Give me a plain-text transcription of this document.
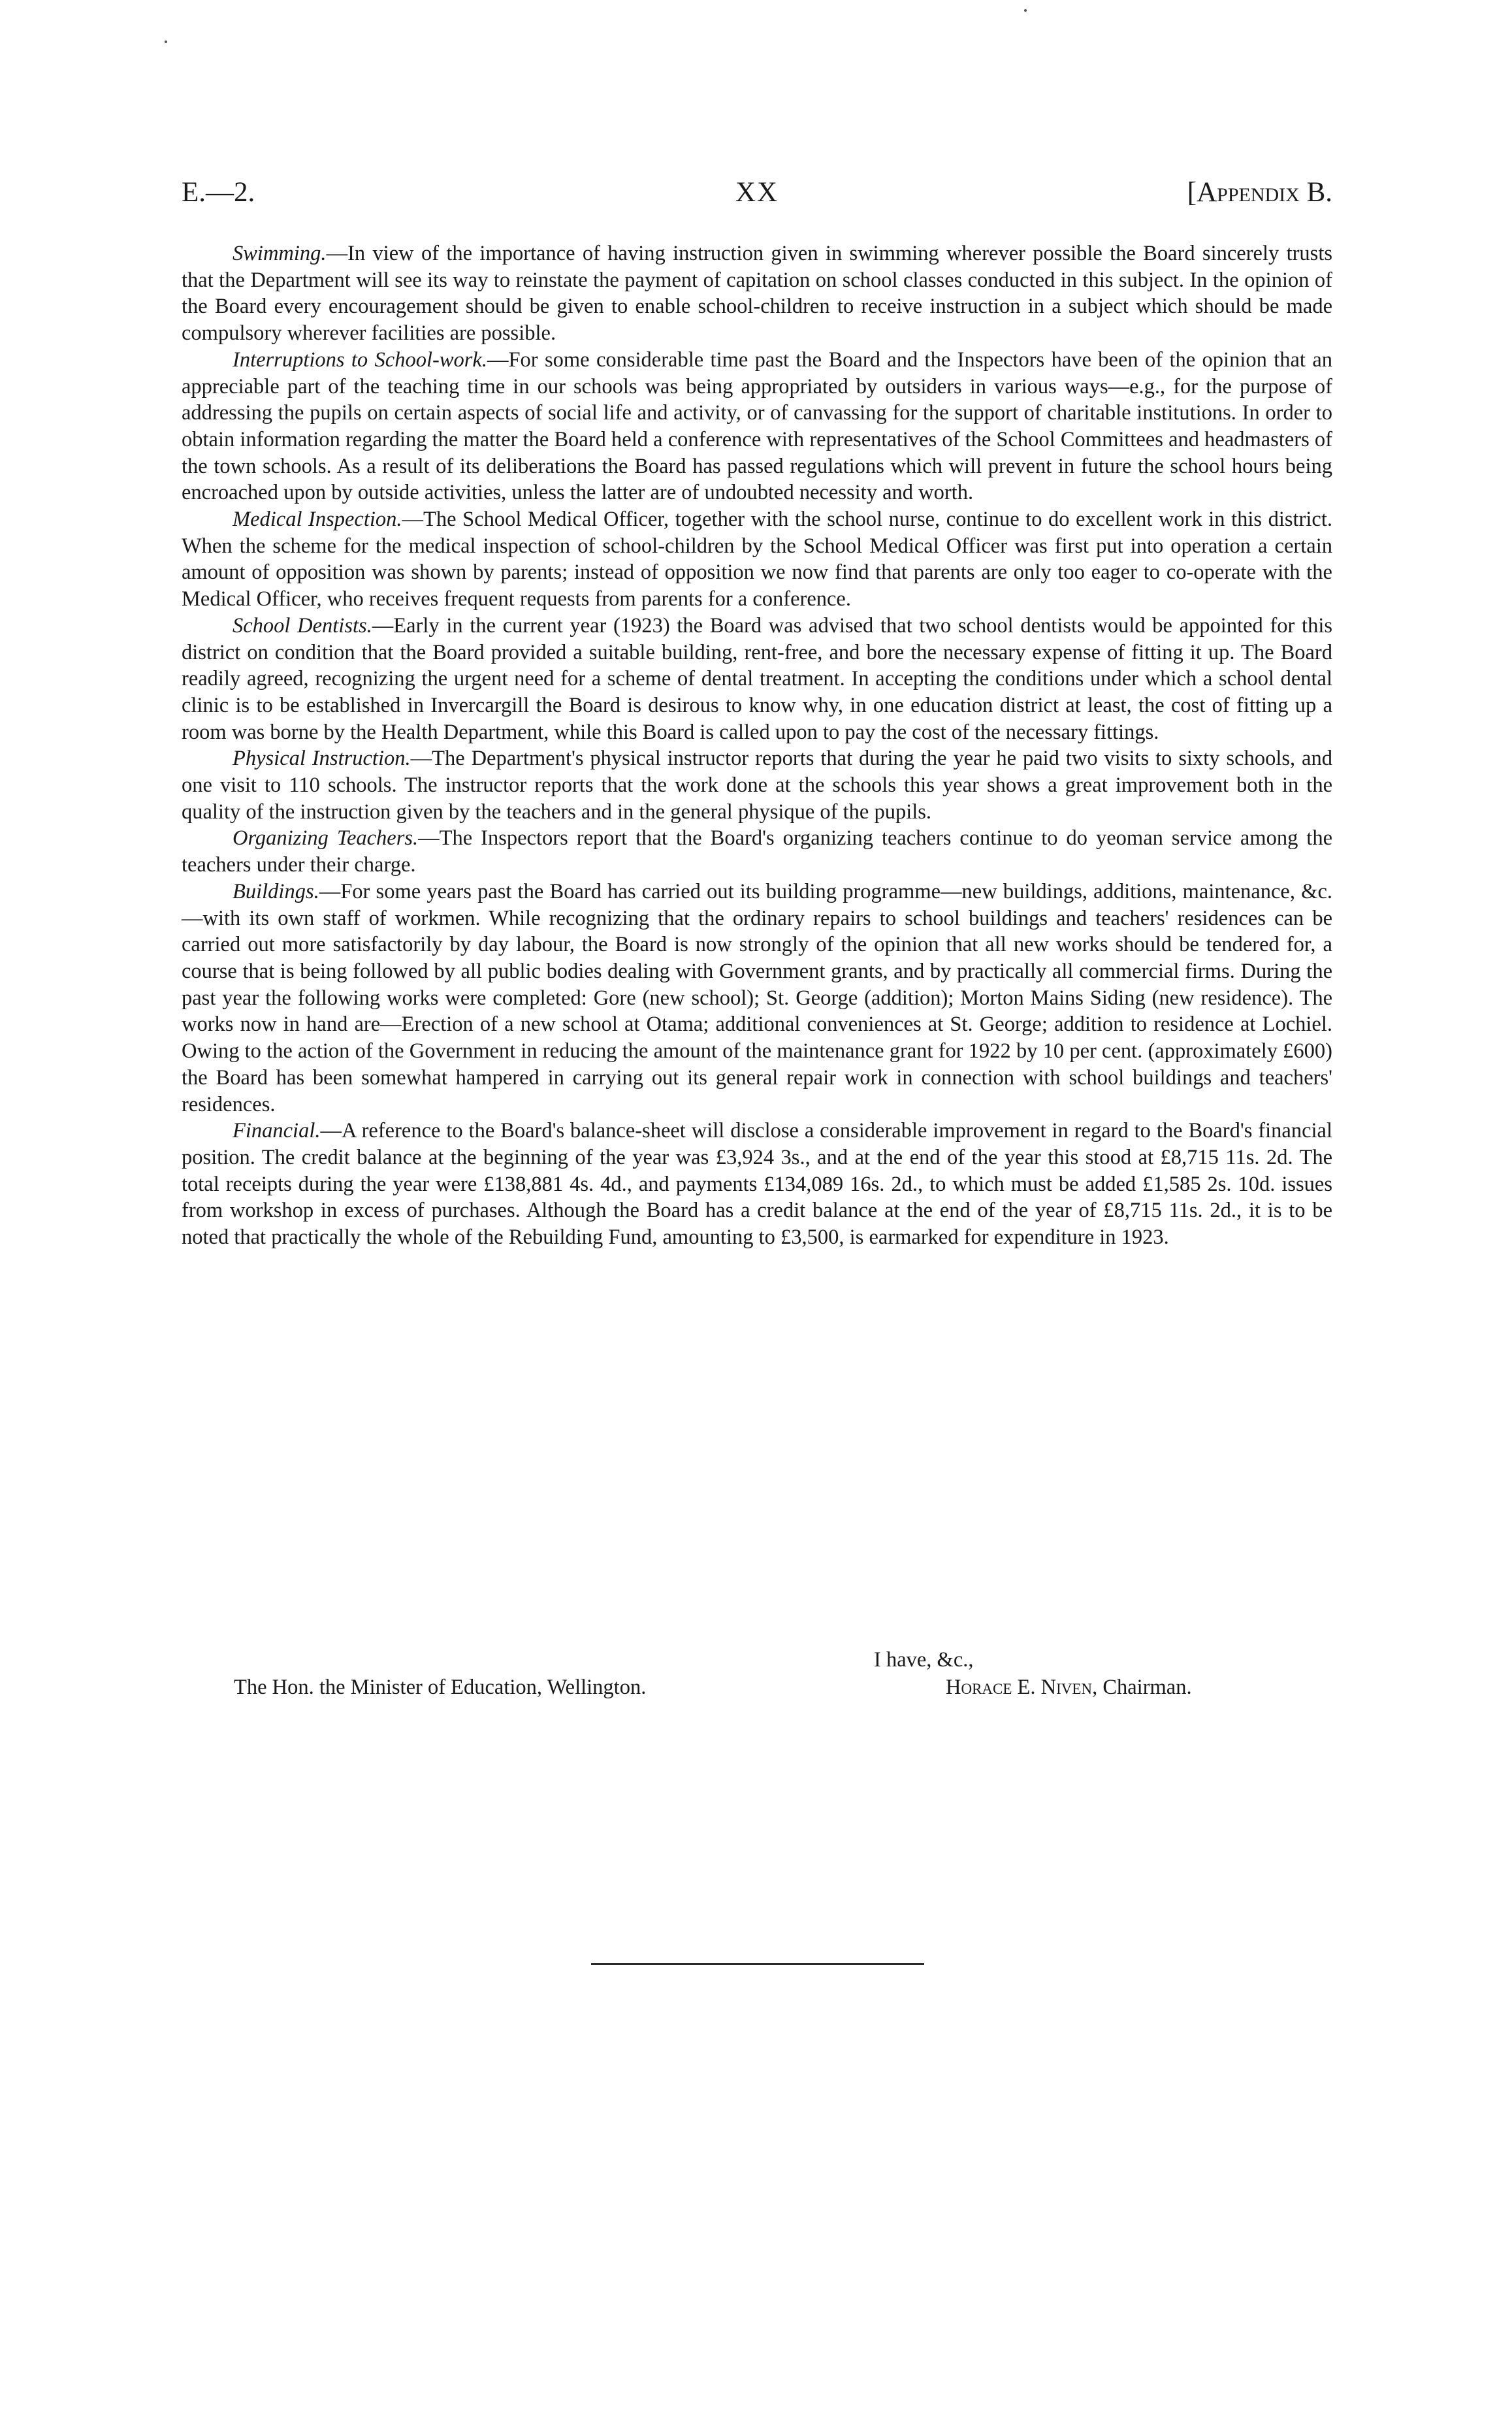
E.—2.	XX	[Appendix B.

Swimming.—In view of the importance of having instruction given in swimming wherever possible the Board sincerely trusts that the Department will see its way to reinstate the payment of capitation on school classes conducted in this subject. In the opinion of the Board every encouragement should be given to enable school-children to receive instruction in a subject which should be made compulsory wherever facilities are possible.

Interruptions to School-work.—For some considerable time past the Board and the Inspectors have been of the opinion that an appreciable part of the teaching time in our schools was being appropriated by outsiders in various ways—e.g., for the purpose of addressing the pupils on certain aspects of social life and activity, or of canvassing for the support of charitable institutions. In order to obtain information regarding the matter the Board held a conference with representatives of the School Committees and headmasters of the town schools. As a result of its deliberations the Board has passed regulations which will prevent in future the school hours being encroached upon by outside activities, unless the latter are of undoubted necessity and worth.

Medical Inspection.—The School Medical Officer, together with the school nurse, continue to do excellent work in this district. When the scheme for the medical inspection of school-children by the School Medical Officer was first put into operation a certain amount of opposition was shown by parents; instead of opposition we now find that parents are only too eager to co-operate with the Medical Officer, who receives frequent requests from parents for a conference.

School Dentists.—Early in the current year (1923) the Board was advised that two school dentists would be appointed for this district on condition that the Board provided a suitable building, rent-free, and bore the necessary expense of fitting it up. The Board readily agreed, recognizing the urgent need for a scheme of dental treatment. In accepting the conditions under which a school dental clinic is to be established in Invercargill the Board is desirous to know why, in one education district at least, the cost of fitting up a room was borne by the Health Department, while this Board is called upon to pay the cost of the necessary fittings.

Physical Instruction.—The Department's physical instructor reports that during the year he paid two visits to sixty schools, and one visit to 110 schools. The instructor reports that the work done at the schools this year shows a great improvement both in the quality of the instruction given by the teachers and in the general physique of the pupils.

Organizing Teachers.—The Inspectors report that the Board's organizing teachers continue to do yeoman service among the teachers under their charge.

Buildings.—For some years past the Board has carried out its building programme—new buildings, additions, maintenance, &c.—with its own staff of workmen. While recognizing that the ordinary repairs to school buildings and teachers' residences can be carried out more satisfactorily by day labour, the Board is now strongly of the opinion that all new works should be tendered for, a course that is being followed by all public bodies dealing with Government grants, and by practically all commercial firms. During the past year the following works were completed: Gore (new school); St. George (addition); Morton Mains Siding (new residence). The works now in hand are—Erection of a new school at Otama; additional conveniences at St. George; addition to residence at Lochiel. Owing to the action of the Government in reducing the amount of the maintenance grant for 1922 by 10 per cent. (approximately £600) the Board has been somewhat hampered in carrying out its general repair work in connection with school buildings and teachers' residences.

Financial.—A reference to the Board's balance-sheet will disclose a considerable improvement in regard to the Board's financial position. The credit balance at the beginning of the year was £3,924 3s., and at the end of the year this stood at £8,715 11s. 2d. The total receipts during the year were £138,881 4s. 4d., and payments £134,089 16s. 2d., to which must be added £1,585 2s. 10d. issues from workshop in excess of purchases. Although the Board has a credit balance at the end of the year of £8,715 11s. 2d., it is to be noted that practically the whole of the Rebuilding Fund, amounting to £3,500, is earmarked for expenditure in 1923.

I have, &c.,
The Hon. the Minister of Education, Wellington.	Horace E. Niven, Chairman.
